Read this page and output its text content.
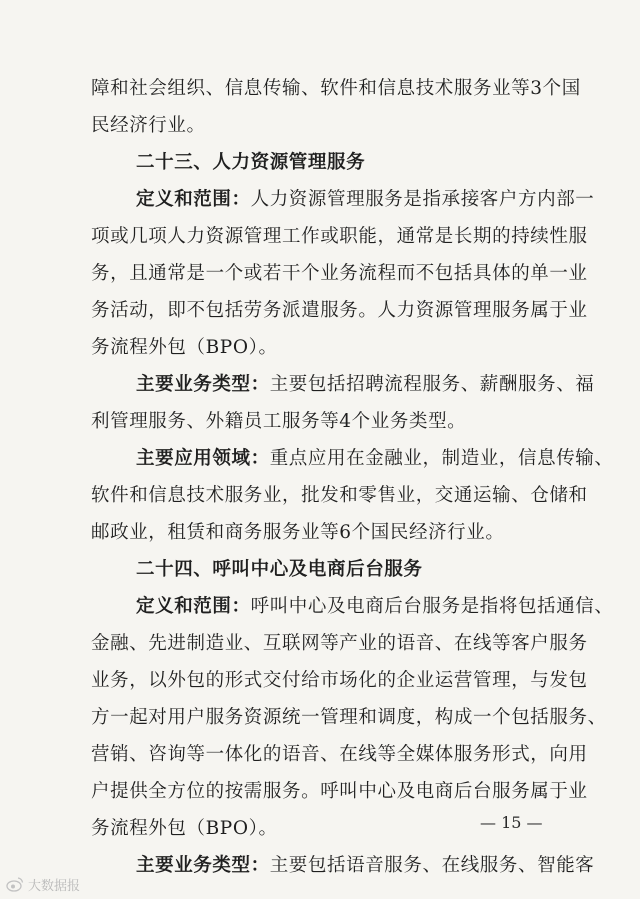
障和社会组织、信息传输、软件和信息技术服务业等3个国
民经济行业。
二十三、人力资源管理服务
定义和范围：人力资源管理服务是指承接客户方内部一
项或几项人力资源管理工作或职能，通常是长期的持续性服
务，且通常是一个或若干个业务流程而不包括具体的单一业
务活动，即不包括劳务派遣服务。人力资源管理服务属于业
务流程外包（BPO）。
主要业务类型：主要包括招聘流程服务、薪酬服务、福
利管理服务、外籍员工服务等4个业务类型。
主要应用领域：重点应用在金融业，制造业，信息传输、
软件和信息技术服务业，批发和零售业，交通运输、仓储和
邮政业，租赁和商务服务业等6个国民经济行业。
二十四、呼叫中心及电商后台服务
定义和范围：呼叫中心及电商后台服务是指将包括通信、
金融、先进制造业、互联网等产业的语音、在线等客户服务
业务，以外包的形式交付给市场化的企业运营管理，与发包
方一起对用户服务资源统一管理和调度，构成一个包括服务、
营销、咨询等一体化的语音、在线等全媒体服务形式，向用
户提供全方位的按需服务。呼叫中心及电商后台服务属于业
务流程外包（BPO）。
主要业务类型：主要包括语音服务、在线服务、智能客
— 15 —
大数据报
